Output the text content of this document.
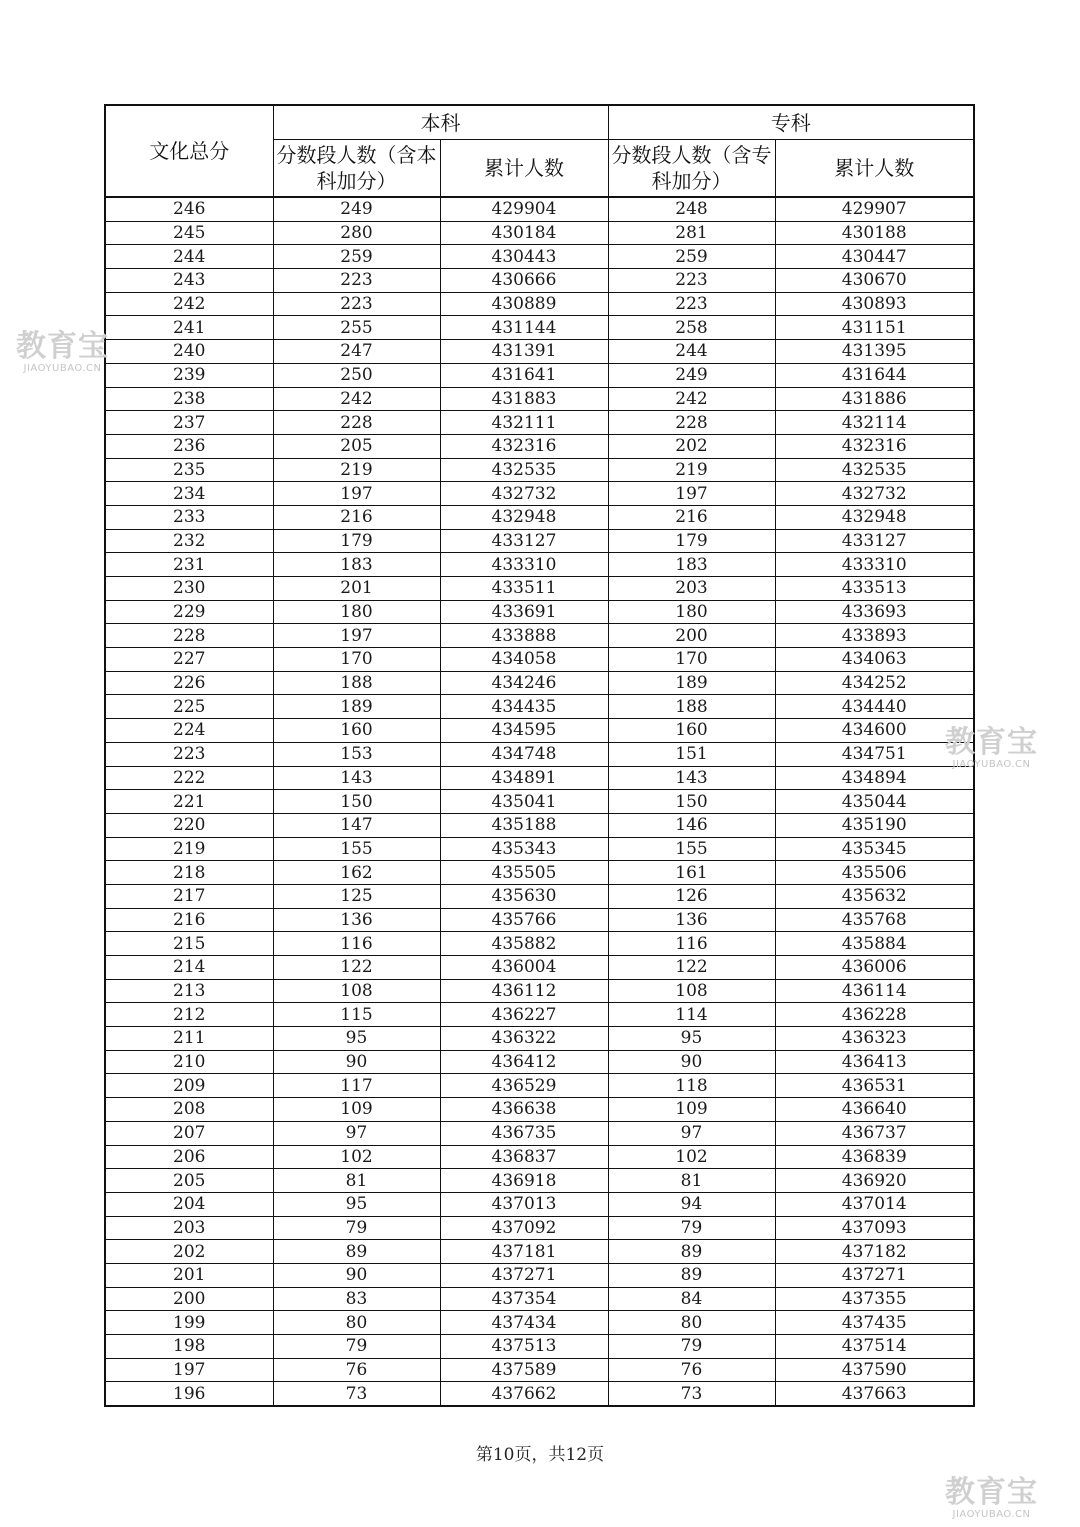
文化总分	本科		专科	
	分数段人数（含本科加分）	累计人数	分数段人数（含专科加分）	累计人数
246	249	429904	248	429907
245	280	430184	281	430188
244	259	430443	259	430447
243	223	430666	223	430670
242	223	430889	223	430893
241	255	431144	258	431151
240	247	431391	244	431395
239	250	431641	249	431644
238	242	431883	242	431886
237	228	432111	228	432114
236	205	432316	202	432316
235	219	432535	219	432535
234	197	432732	197	432732
233	216	432948	216	432948
232	179	433127	179	433127
231	183	433310	183	433310
230	201	433511	203	433513
229	180	433691	180	433693
228	197	433888	200	433893
227	170	434058	170	434063
226	188	434246	189	434252
225	189	434435	188	434440
224	160	434595	160	434600
223	153	434748	151	434751
222	143	434891	143	434894
221	150	435041	150	435044
220	147	435188	146	435190
219	155	435343	155	435345
218	162	435505	161	435506
217	125	435630	126	435632
216	136	435766	136	435768
215	116	435882	116	435884
214	122	436004	122	436006
213	108	436112	108	436114
212	115	436227	114	436228
211	95	436322	95	436323
210	90	436412	90	436413
209	117	436529	118	436531
208	109	436638	109	436640
207	97	436735	97	436737
206	102	436837	102	436839
205	81	436918	81	436920
204	95	437013	94	437014
203	79	437092	79	437093
202	89	437181	89	437182
201	90	437271	89	437271
200	83	437354	84	437355
199	80	437434	80	437435
198	79	437513	79	437514
197	76	437589	76	437590
196	73	437662	73	437663
第10页，共12页
教育宝
JIAOYUBAO.CN
教育宝
JIAOYUBAO.CN
教育宝
JIAOYUBAO.CN
